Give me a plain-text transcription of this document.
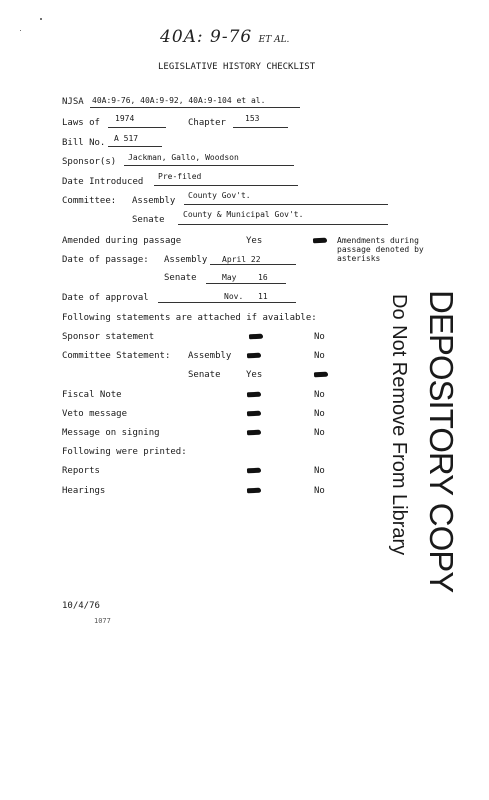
40A: 9-76 ET AL.
LEGISLATIVE HISTORY CHECKLIST
NJSA 40A:9-76, 40A:9-92, 40A:9-104 et al.
Laws of 1974	Chapter 153
Bill No. A 517
Sponsor(s) Jackman, Gallo, Woodson
Date Introduced
Pre-filed
Committee: Assembly
County Gov't.
Senate
County & Municipal Gov't.
Amended during passage	Yes	Amendments during
passage denoted by
asterisks
Date of passage: Assembly April 22
Senate	May	16
Date of approval	Nov. 11
Following statements are attached if available:
Sponsor statement	No
Committee Statement: Assembly	No
Senate	Yes
Fiscal Note	No
Veto message	No
Message on signing	No
Following were printed:
Reports	No
Hearings	No	DEPOSITORY COPY
Do Not Remove From Library
10/4/76
1077
